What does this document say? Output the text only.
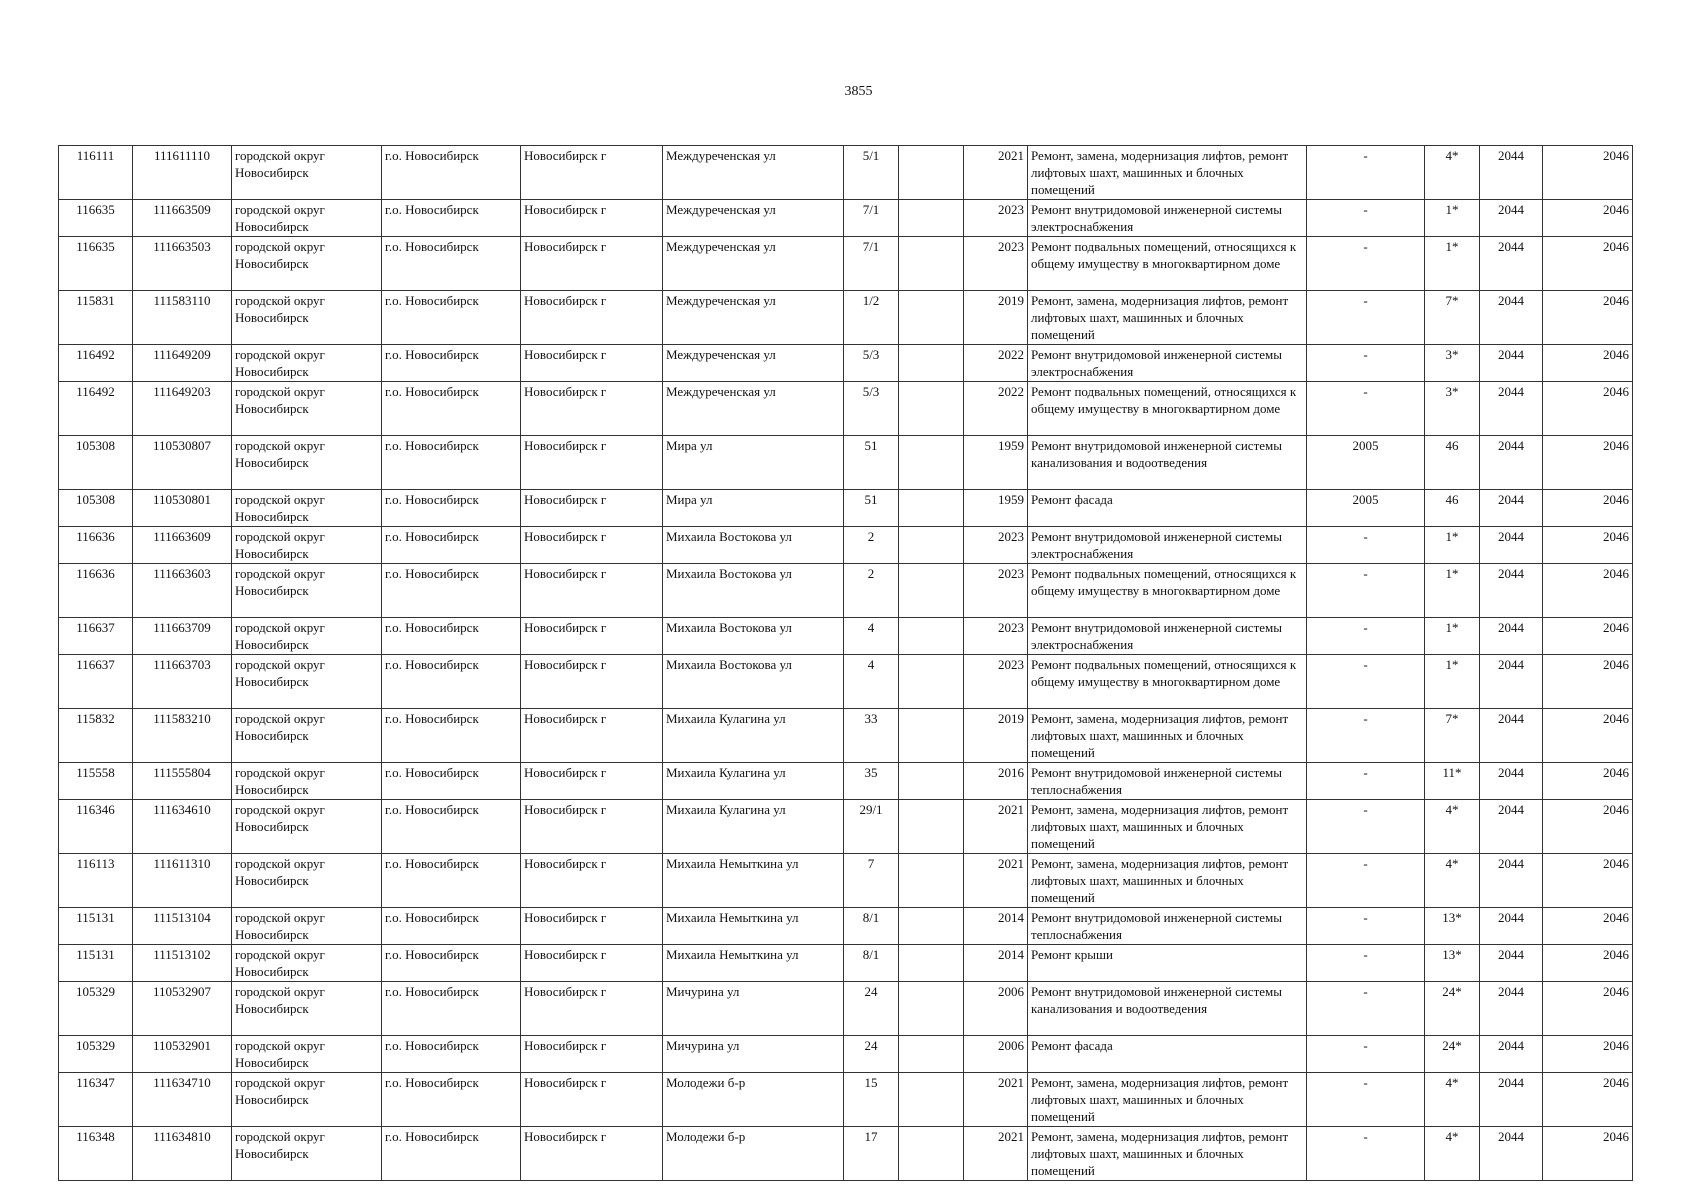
3855
116111	111611110	городской округ Новосибирск	г.о. Новосибирск	Новосибирск г	Междуреченская ул	5/1		2021	Ремонт, замена, модернизация лифтов, ремонт лифтовых шахт, машинных и блочных помещений	-	4*	2044	2046
116635	111663509	городской округ Новосибирск	г.о. Новосибирск	Новосибирск г	Междуреченская ул	7/1		2023	Ремонт внутридомовой инженерной системы электроснабжения	-	1*	2044	2046
116635	111663503	городской округ Новосибирск	г.о. Новосибирск	Новосибирск г	Междуреченская ул	7/1		2023	Ремонт подвальных помещений, относящихся к общему имуществу в многоквартирном доме	-	1*	2044	2046
115831	111583110	городской округ Новосибирск	г.о. Новосибирск	Новосибирск г	Междуреченская ул	1/2		2019	Ремонт, замена, модернизация лифтов, ремонт лифтовых шахт, машинных и блочных помещений	-	7*	2044	2046
116492	111649209	городской округ Новосибирск	г.о. Новосибирск	Новосибирск г	Междуреченская ул	5/3		2022	Ремонт внутридомовой инженерной системы электроснабжения	-	3*	2044	2046
116492	111649203	городской округ Новосибирск	г.о. Новосибирск	Новосибирск г	Междуреченская ул	5/3		2022	Ремонт подвальных помещений, относящихся к общему имуществу в многоквартирном доме	-	3*	2044	2046
105308	110530807	городской округ Новосибирск	г.о. Новосибирск	Новосибирск г	Мира ул	51		1959	Ремонт внутридомовой инженерной системы канализования и водоотведения	2005	46	2044	2046
105308	110530801	городской округ Новосибирск	г.о. Новосибирск	Новосибирск г	Мира ул	51		1959	Ремонт фасада	2005	46	2044	2046
116636	111663609	городской округ Новосибирск	г.о. Новосибирск	Новосибирск г	Михаила Востокова ул	2		2023	Ремонт внутридомовой инженерной системы электроснабжения	-	1*	2044	2046
116636	111663603	городской округ Новосибирск	г.о. Новосибирск	Новосибирск г	Михаила Востокова ул	2		2023	Ремонт подвальных помещений, относящихся к общему имуществу в многоквартирном доме	-	1*	2044	2046
116637	111663709	городской округ Новосибирск	г.о. Новосибирск	Новосибирск г	Михаила Востокова ул	4		2023	Ремонт внутридомовой инженерной системы электроснабжения	-	1*	2044	2046
116637	111663703	городской округ Новосибирск	г.о. Новосибирск	Новосибирск г	Михаила Востокова ул	4		2023	Ремонт подвальных помещений, относящихся к общему имуществу в многоквартирном доме	-	1*	2044	2046
115832	111583210	городской округ Новосибирск	г.о. Новосибирск	Новосибирск г	Михаила Кулагина ул	33		2019	Ремонт, замена, модернизация лифтов, ремонт лифтовых шахт, машинных и блочных помещений	-	7*	2044	2046
115558	111555804	городской округ Новосибирск	г.о. Новосибирск	Новосибирск г	Михаила Кулагина ул	35		2016	Ремонт внутридомовой инженерной системы теплоснабжения	-	11*	2044	2046
116346	111634610	городской округ Новосибирск	г.о. Новосибирск	Новосибирск г	Михаила Кулагина ул	29/1		2021	Ремонт, замена, модернизация лифтов, ремонт лифтовых шахт, машинных и блочных помещений	-	4*	2044	2046
116113	111611310	городской округ Новосибирск	г.о. Новосибирск	Новосибирск г	Михаила Немыткина ул	7		2021	Ремонт, замена, модернизация лифтов, ремонт лифтовых шахт, машинных и блочных помещений	-	4*	2044	2046
115131	111513104	городской округ Новосибирск	г.о. Новосибирск	Новосибирск г	Михаила Немыткина ул	8/1		2014	Ремонт внутридомовой инженерной системы теплоснабжения	-	13*	2044	2046
115131	111513102	городской округ Новосибирск	г.о. Новосибирск	Новосибирск г	Михаила Немыткина ул	8/1		2014	Ремонт крыши	-	13*	2044	2046
105329	110532907	городской округ Новосибирск	г.о. Новосибирск	Новосибирск г	Мичурина ул	24		2006	Ремонт внутридомовой инженерной системы канализования и водоотведения	-	24*	2044	2046
105329	110532901	городской округ Новосибирск	г.о. Новосибирск	Новосибирск г	Мичурина ул	24		2006	Ремонт фасада	-	24*	2044	2046
116347	111634710	городской округ Новосибирск	г.о. Новосибирск	Новосибирск г	Молодежи б-р	15		2021	Ремонт, замена, модернизация лифтов, ремонт лифтовых шахт, машинных и блочных помещений	-	4*	2044	2046
116348	111634810	городской округ Новосибирск	г.о. Новосибирск	Новосибирск г	Молодежи б-р	17		2021	Ремонт, замена, модернизация лифтов, ремонт лифтовых шахт, машинных и блочных помещений	-	4*	2044	2046
